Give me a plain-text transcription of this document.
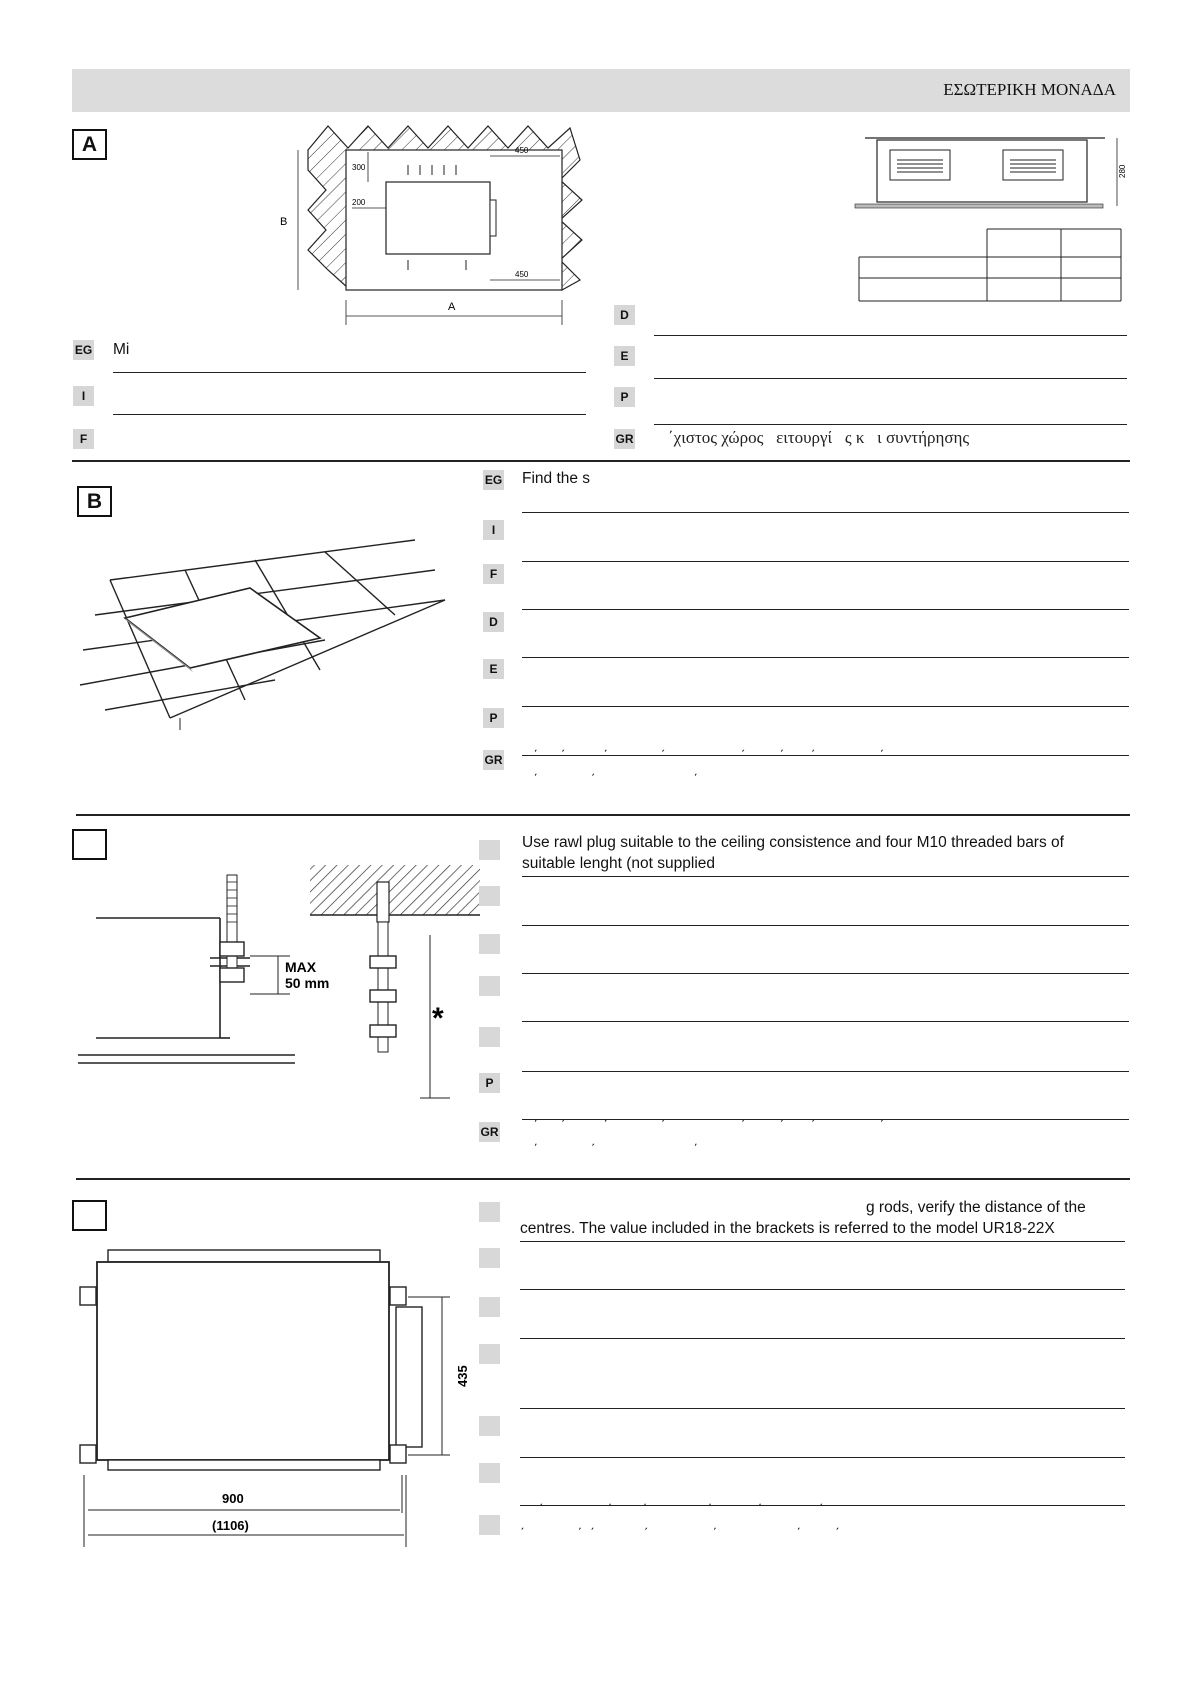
ΕΣΩΤΕΡΙΚΗ ΜΟΝΑΔΑ
A
B
A
300
450
200
450
280
EG Mi
I
F
D
E
P
GR ΄χιστος χώρος   ειτουργί   ς κ   ι συντήρησης
B
EG Find the s
I
F
D
E
P
GR ΄      ΄          ΄              ΄                    ΄         ΄       ΄                 ΄
΄              ΄                          ΄
MAX
50 mm
*
Use rawl plug suitable to the ceiling consistence and four M10 threaded bars of
suitable lenght (not supplied
P
GR ΄      ΄          ΄              ΄                    ΄         ΄       ΄                 ΄
΄              ΄                          ΄
900
(1106)
435
g rods, verify the distance of the
centres. The value included in the brackets is referred to the model UR18-22X
΄                 ΄        ΄                ΄            ΄               ΄
΄              ΄  ΄             ΄                 ΄                     ΄         ΄
